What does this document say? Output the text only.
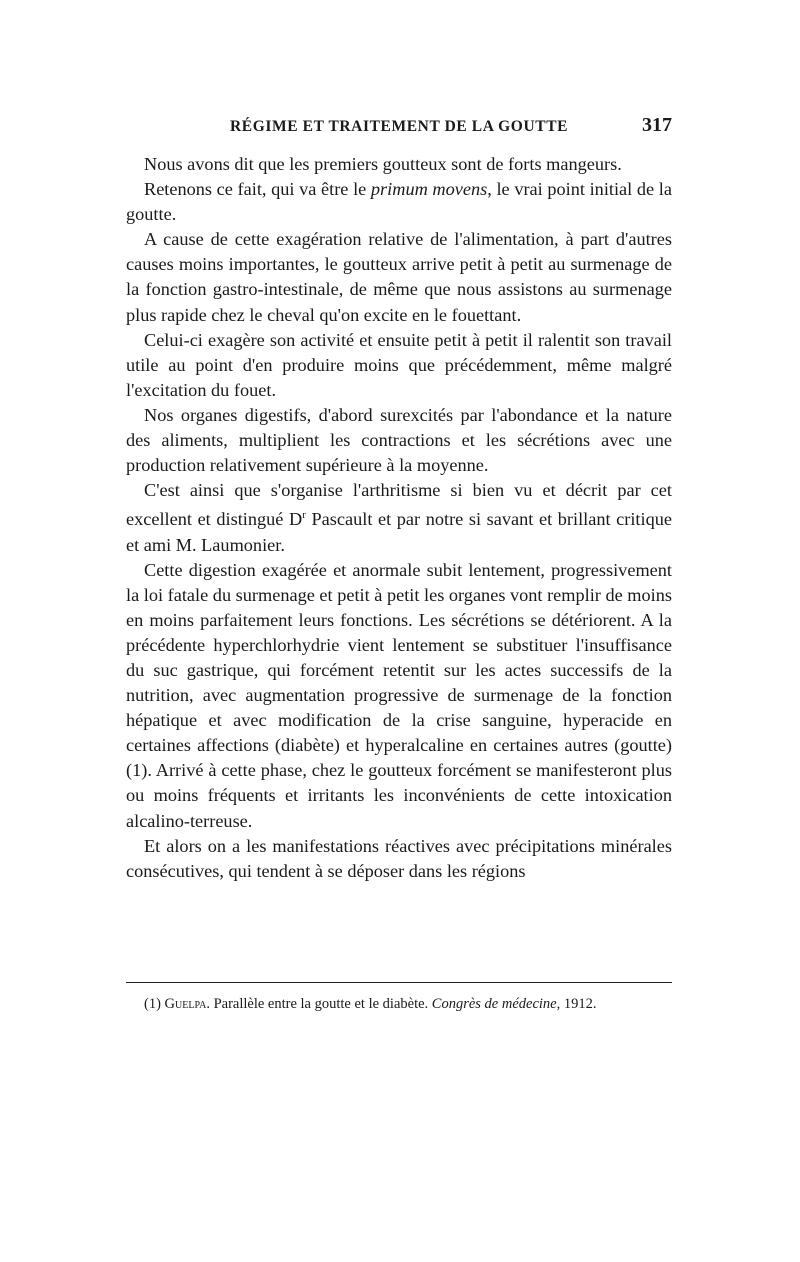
RÉGIME ET TRAITEMENT DE LA GOUTTE	317

Nous avons dit que les premiers goutteux sont de forts mangeurs.

Retenons ce fait, qui va être le primum movens, le vrai point initial de la goutte.

A cause de cette exagération relative de l'alimentation, à part d'autres causes moins importantes, le goutteux arrive petit à petit au surmenage de la fonction gastro-intestinale, de même que nous assistons au surmenage plus rapide chez le cheval qu'on excite en le fouettant.

Celui-ci exagère son activité et ensuite petit à petit il ralentit son travail utile au point d'en produire moins que précédemment, même malgré l'excitation du fouet.

Nos organes digestifs, d'abord surexcités par l'abondance et la nature des aliments, multiplient les contractions et les sécrétions avec une production relativement supérieure à la moyenne.

C'est ainsi que s'organise l'arthritisme si bien vu et décrit par cet excellent et distingué $D^r$ Pascault et par notre si savant et brillant critique et ami M. Laumonier.

Cette digestion exagérée et anormale subit lentement, progressivement la loi fatale du surmenage et petit à petit les organes vont remplir de moins en moins parfaitement leurs fonctions. Les sécrétions se détériorent. A la précédente hyperchlorhydrie vient lentement se substituer l'insuffisance du suc gastrique, qui forcément retentit sur les actes successifs de la nutrition, avec augmentation progressive de surmenage de la fonction hépatique et avec modification de la crise sanguine, hyperacide en certaines affections (diabète) et hyperalcaline en certaines autres (goutte) (1). Arrivé à cette phase, chez le goutteux forcément se manifesteront plus ou moins fréquents et irritants les inconvénients de cette intoxication alcalino-terreuse.

Et alors on a les manifestations réactives avec précipitations minérales consécutives, qui tendent à se déposer dans les régions

(1) Guelpa. Parallèle entre la goutte et le diabète. Congrès de médecine, 1912.
